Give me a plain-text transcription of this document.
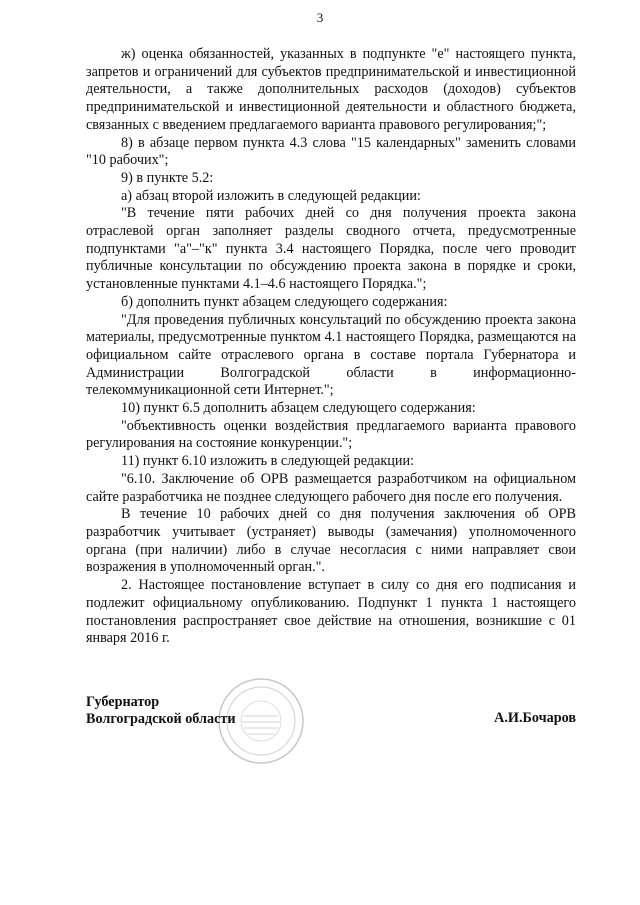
3

ж) оценка обязанностей, указанных в подпункте "е" настоящего пункта, запретов и ограничений для субъектов предпринимательской и инвестиционной деятельности, а также дополнительных расходов (доходов) субъектов предпринимательской и инвестиционной деятельности и областного бюджета, связанных с введением предлагаемого варианта правового регулирования;";

8) в абзаце первом пункта 4.3 слова "15 календарных" заменить словами "10 рабочих";

9) в пункте 5.2:

а) абзац второй изложить в следующей редакции:

"В течение пяти рабочих дней со дня получения проекта закона отраслевой орган заполняет разделы сводного отчета, предусмотренные подпунктами "а"–"к" пункта 3.4 настоящего Порядка, после чего проводит публичные консультации по обсуждению проекта закона в порядке и сроки, установленные пунктами 4.1–4.6 настоящего Порядка.";

б) дополнить пункт абзацем следующего содержания:

"Для проведения публичных консультаций по обсуждению проекта закона материалы, предусмотренные пунктом 4.1 настоящего Порядка, размещаются на официальном сайте отраслевого органа в составе портала Губернатора и Администрации Волгоградской области в информационно-телекоммуникационной сети Интернет.";

10) пункт 6.5 дополнить абзацем следующего содержания:

"объективность оценки воздействия предлагаемого варианта правового регулирования на состояние конкуренции.";

11) пункт 6.10 изложить в следующей редакции:

"6.10. Заключение об ОРВ размещается разработчиком на официальном сайте разработчика не позднее следующего рабочего дня после его получения.

В течение 10 рабочих дней со дня получения заключения об ОРВ разработчик учитывает (устраняет) выводы (замечания) уполномоченного органа (при наличии) либо в случае несогласия с ними направляет свои возражения в уполномоченный орган.".

2. Настоящее постановление вступает в силу со дня его подписания и подлежит официальному опубликованию. Подпункт 1 пункта 1 настоящего постановления распространяет свое действие на отношения, возникшие с 01 января 2016 г.

Губернатор
Волгоградской области	А.И.Бочаров
